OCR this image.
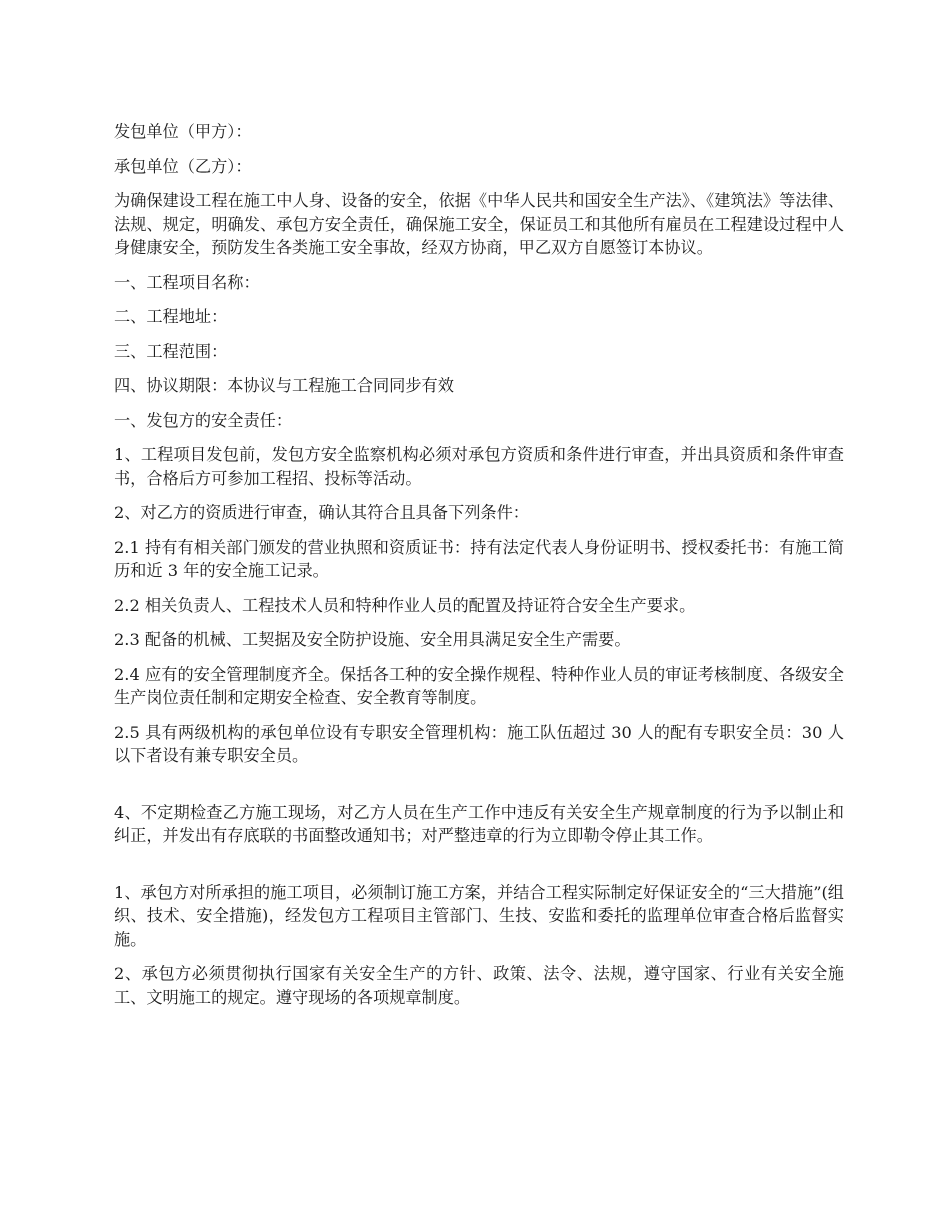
发包单位（甲方）：

承包单位（乙方）：

为确保建设工程在施工中人身、设备的安全，依据《中华人民共和国安全生产法》、《建筑法》等法律、法规、规定，明确发、承包方安全责任，确保施工安全，保证员工和其他所有雇员在工程建设过程中人身健康安全，预防发生各类施工安全事故，经双方协商，甲乙双方自愿签订本协议。

一、工程项目名称：

二、工程地址：

三、工程范围：

四、协议期限：本协议与工程施工合同同步有效

一、发包方的安全责任：

1、工程项目发包前，发包方安全监察机构必须对承包方资质和条件进行审查，并出具资质和条件审查书，合格后方可参加工程招、投标等活动。

2、对乙方的资质进行审查，确认其符合且具备下列条件：

2.1 持有有相关部门颁发的营业执照和资质证书：持有法定代表人身份证明书、授权委托书：有施工简历和近 3 年的安全施工记录。

2.2 相关负责人、工程技术人员和特种作业人员的配置及持证符合安全生产要求。

2.3 配备的机械、工契据及安全防护设施、安全用具满足安全生产需要。

2.4 应有的安全管理制度齐全。保括各工种的安全操作规程、特种作业人员的审证考核制度、各级安全生产岗位责任制和定期安全检查、安全教育等制度。

2.5 具有两级机构的承包单位设有专职安全管理机构：施工队伍超过 30 人的配有专职安全员：30 人以下者设有兼专职安全员。

4、不定期检查乙方施工现场，对乙方人员在生产工作中违反有关安全生产规章制度的行为予以制止和纠正，并发出有存底联的书面整改通知书；对严整违章的行为立即勒令停止其工作。

1、承包方对所承担的施工项目，必须制订施工方案，并结合工程实际制定好保证安全的“三大措施”(组织、技术、安全措施)，经发包方工程项目主管部门、生技、安监和委托的监理单位审查合格后监督实施。

2、承包方必须贯彻执行国家有关安全生产的方针、政策、法令、法规，遵守国家、行业有关安全施工、文明施工的规定。遵守现场的各项规章制度。
